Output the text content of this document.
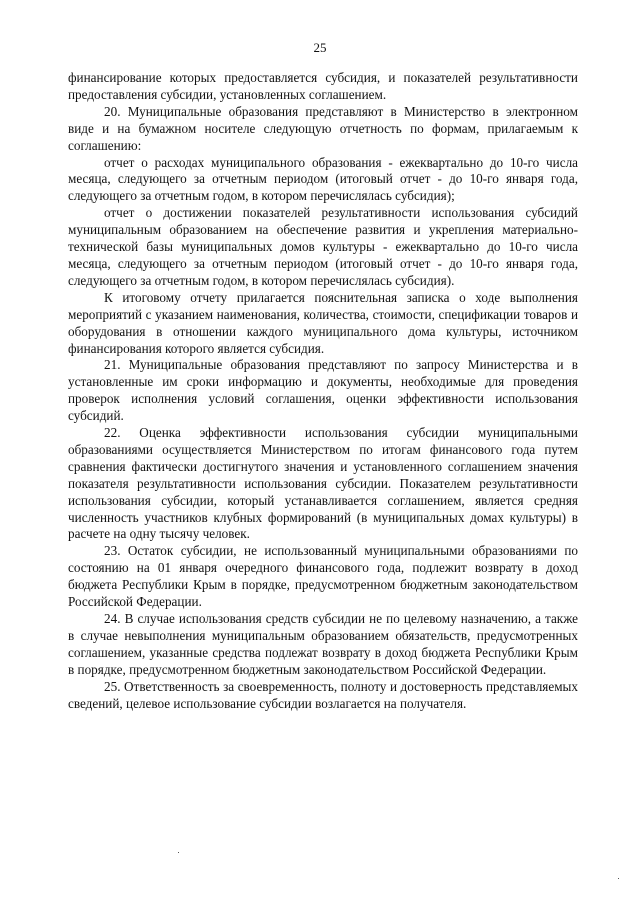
25

финансирование которых предоставляется субсидия, и показателей результативности предоставления субсидии, установленных соглашением.

20. Муниципальные образования представляют в Министерство в электронном виде и на бумажном носителе следующую отчетность по формам, прилагаемым к соглашению:

отчет о расходах муниципального образования - ежеквартально до 10-го числа месяца, следующего за отчетным периодом (итоговый отчет - до 10-го января года, следующего за отчетным годом, в котором перечислялась субсидия);

отчет о достижении показателей результативности использования субсидий муниципальным образованием на обеспечение развития и укрепления материально-технической базы муниципальных домов культуры - ежеквартально до 10-го числа месяца, следующего за отчетным периодом (итоговый отчет - до 10-го января года, следующего за отчетным годом, в котором перечислялась субсидия).

К итоговому отчету прилагается пояснительная записка о ходе выполнения мероприятий с указанием наименования, количества, стоимости, спецификации товаров и оборудования в отношении каждого муниципального дома культуры, источником финансирования которого является субсидия.

21. Муниципальные образования представляют по запросу Министерства и в установленные им сроки информацию и документы, необходимые для проведения проверок исполнения условий соглашения, оценки эффективности использования субсидий.

22. Оценка эффективности использования субсидии муниципальными образованиями осуществляется Министерством по итогам финансового года путем сравнения фактически достигнутого значения и установленного соглашением значения показателя результативности использования субсидии. Показателем результативности использования субсидии, который устанавливается соглашением, является средняя численность участников клубных формирований (в муниципальных домах культуры) в расчете на одну тысячу человек.

23. Остаток субсидии, не использованный муниципальными образованиями по состоянию на 01 января очередного финансового года, подлежит возврату в доход бюджета Республики Крым в порядке, предусмотренном бюджетным законодательством Российской Федерации.

24. В случае использования средств субсидии не по целевому назначению, а также в случае невыполнения муниципальным образованием обязательств, предусмотренных соглашением, указанные средства подлежат возврату в доход бюджета Республики Крым в порядке, предусмотренном бюджетным законодательством Российской Федерации.

25. Ответственность за своевременность, полноту и достоверность представляемых сведений, целевое использование субсидии возлагается на получателя.
